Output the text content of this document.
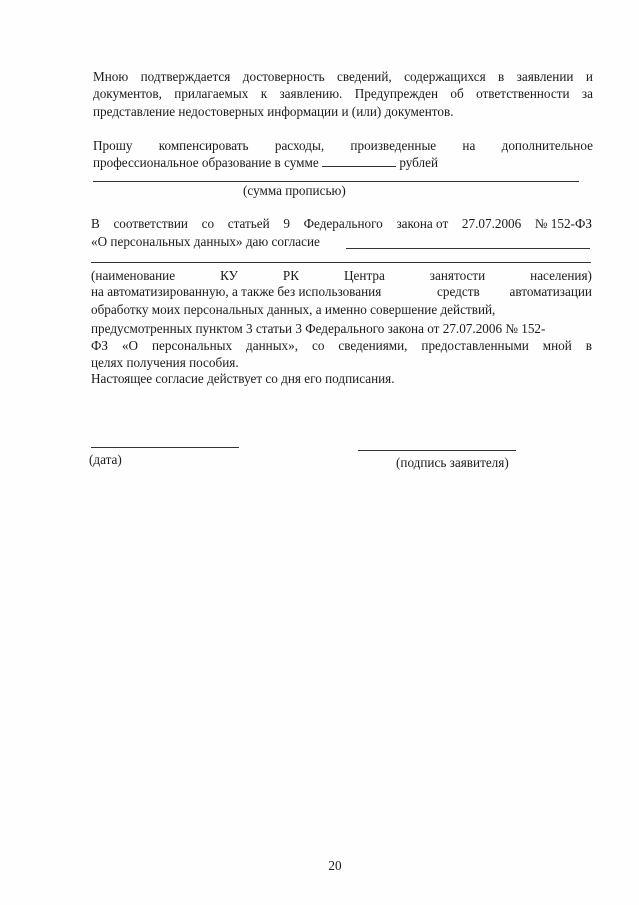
Мною подтверждается достоверность сведений, содержащихся в заявлении и
документов, прилагаемых к заявлению. Предупрежден об ответственности за
представление недостоверных информации и (или) документов.
Прошу компенсировать расходы, произведенные на дополнительное
профессиональное образование в сумме	рублей
(сумма прописью)
В соответствии со статьей 9 Федерального закона от 27.07.2006 № 152-ФЗ
«О персональных данных» даю согласие
(наименование	КУ	РК	Центра	занятости	населения)
на автоматизированную, а также без использования	средств автоматизации
обработку моих персональных данных, а именно совершение действий,
предусмотренных пунктом 3 статьи 3 Федерального закона от 27.07.2006 № 152-
ФЗ «О персональных данных», со сведениями, предоставленными мной в
целях получения пособия.
Настоящее согласие действует со дня его подписания.
(дата)	(подпись заявителя)
20
